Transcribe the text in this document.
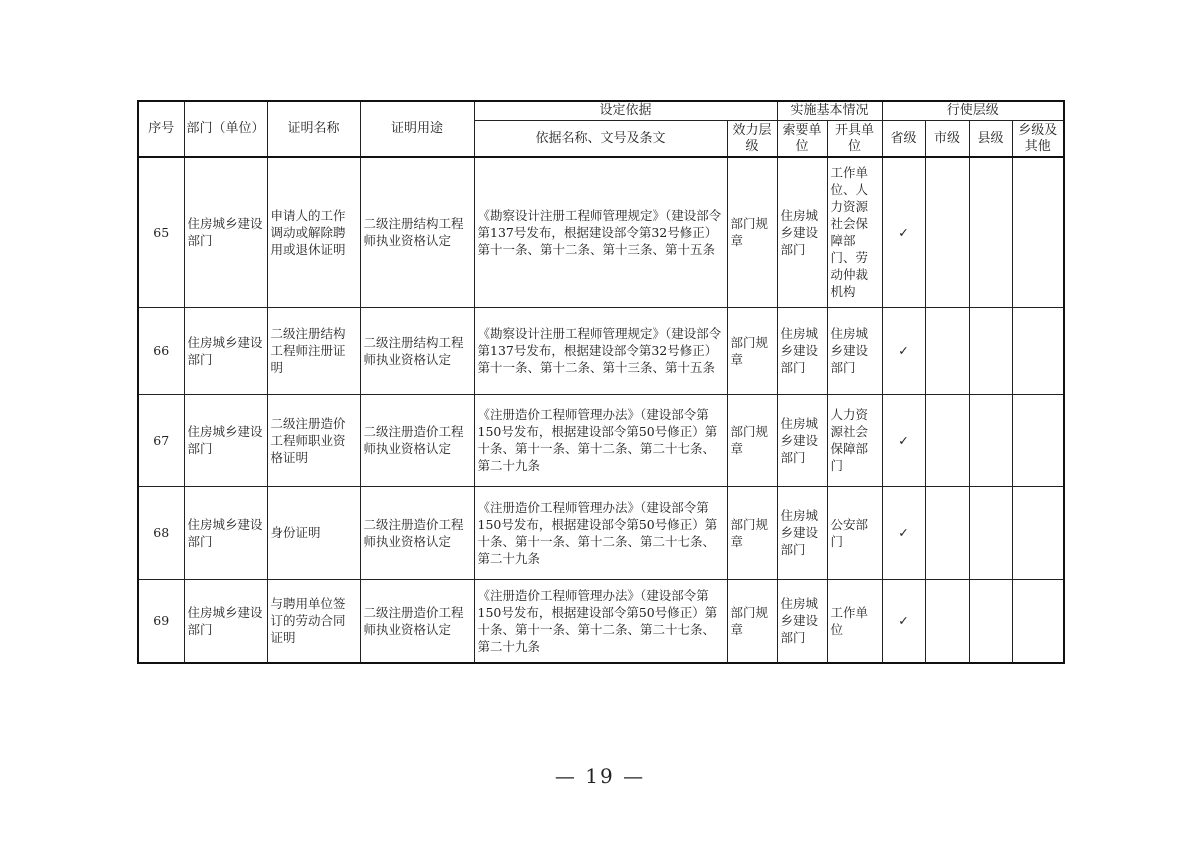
序号	部门（单位）	证明名称	证明用途	设定依据		实施基本情况		行使层级			
				依据名称、文号及条文	效力层级	索要单位	开具单位	省级	市级	县级	乡级及其他
65	住房城乡建设部门	申请人的工作调动或解除聘用或退休证明	二级注册结构工程师执业资格认定	《勘察设计注册工程师管理规定》（建设部令第137号发布，根据建设部令第32号修正）第十一条、第十二条、第十三条、第十五条	部门规章	住房城乡建设部门	工作单位、人力资源社会保障部门、劳动仲裁机构	✓			
66	住房城乡建设部门	二级注册结构工程师注册证明	二级注册结构工程师执业资格认定	《勘察设计注册工程师管理规定》（建设部令第137号发布，根据建设部令第32号修正）第十一条、第十二条、第十三条、第十五条	部门规章	住房城乡建设部门	住房城乡建设部门	✓			
67	住房城乡建设部门	二级注册造价工程师职业资格证明	二级注册造价工程师执业资格认定	《注册造价工程师管理办法》（建设部令第150号发布，根据建设部令第50号修正）第十条、第十一条、第十二条、第二十七条、第二十九条	部门规章	住房城乡建设部门	人力资源社会保障部门	✓			
68	住房城乡建设部门	身份证明	二级注册造价工程师执业资格认定	《注册造价工程师管理办法》（建设部令第150号发布，根据建设部令第50号修正）第十条、第十一条、第十二条、第二十七条、第二十九条	部门规章	住房城乡建设部门	公安部门	✓			
69	住房城乡建设部门	与聘用单位签订的劳动合同证明	二级注册造价工程师执业资格认定	《注册造价工程师管理办法》（建设部令第150号发布，根据建设部令第50号修正）第十条、第十一条、第十二条、第二十七条、第二十九条	部门规章	住房城乡建设部门	工作单位	✓			
— 19 —
